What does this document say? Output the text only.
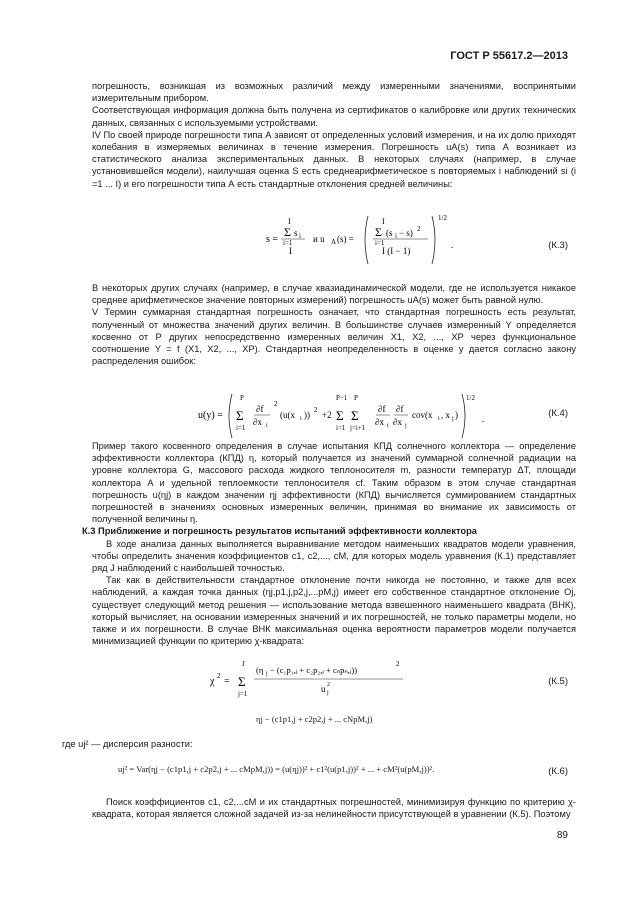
ГОСТ Р 55617.2—2013

погрешность, возникшая из возможных различий между измеренными значениями, воспринятыми измерительным прибором.

Соответствующая информация должна быть получена из сертификатов о калибровке или других технических данных, связанных с используемыми устройствами.

IV По своей природе погрешности типа А зависят от определенных условий измерения, и на их долю приходят колебания в измеряемых величинах в течение измерения. Погрешность uA(s) типа А возникает из статистического анализа экспериментальных данных. В некоторых случаях (например, в случае установившейся модели), наилучшая оценка S есть среднеарифметическое s повторяемых i наблюдений si (i =1 ... I) и его погрешности типа А есть стандартные отклонения средней величины:

s =
I
Σ s i
i=1
I
и u A (s) =
I
Σ (s i − s) 2
i=1
I (I − 1)
1/2
.	(К.3)

В некоторых других случаях (например, в случае квазиадинамической модели, где не используется никакое среднее арифметическое значение повторных измерений) погрешность uA(s) может быть равной нулю.

V Термин суммарная стандартная погрешность означает, что стандартная погрешность есть результат, полученный от множества значений других величин. В большинстве случаев измеренный Y определяется косвенно от P других непосредственно измеренных величин X1, X2, ..., XP через функциональное соотношение Y = f (X1, X2, ..., XP). Стандартная неопределенность в оценке y дается согласно закону распределения ошибок:

u(y) =
P
Σ
i=1
∂f
∂x i
2
(u(x i )) 2 +2
P−1
Σ
i=1
P
Σ
j=i+1
∂f
∂x i
∂f
∂x j
cov(x i , x j )
1/2
.	(К.4)

Пример такого косвенного определения в случае испытания КПД солнечного коллектора — определение эффективности коллектора (КПД) η, который получается из значений суммарной солнечной радиации на уровне коллектора G, массового расхода жидкого теплоносителя m, разности температур ΔT, площади коллектора A и удельной теплоемкости теплоносителя cf. Таким образом в этом случае стандартная погрешность u(ηj) в каждом значении ηj эффективности (КПД) вычисляется суммированием стандартных погрешностей в значениях основных измеренных величин, принимая во внимание их зависимость от полученной величины η.

К.3 Приближение и погрешность результатов испытаний эффективности коллектора

В ходе анализа данных выполняется выравнивание методом наименьших квадратов модели уравнения, чтобы определить значения коэффициентов c1, c2,..., cM, для которых модель уравнения (К.1) представляет ряд J наблюдений с наибольшей точностью.

Так как в действительности стандартное отклонение почти никогда не постоянно, и также для всех наблюдений, а каждая точка данных (ηj,p1,j,p2,j,...pM,j) имеет его собственное стандартное отклонение Oj, существует следующий метод решения — использование метода взвешенного наименьшего квадрата (ВНК), который вычисляет, на основании измеренных значений и их погрешностей, не только параметры модели, но также и их погрешности. В случае ВНК максимальная оценка вероятности параметров модели получается минимизацией функции по критерию χ-квадрата:

χ 2 =
J
Σ
j=1
(η j − (c₁p₁,ⱼ + c₂p₂,ⱼ + cₙpₙ,ⱼ))
2
u 2
j
(К.5)
ηj − (c1p1,j + c2p2,j + ... cNpM,j)

где uj² — дисперсия разности:

uj² = Var(ηj − (c1p1,j + c2p2,j + ... cMpM,j)) = (u(ηj))² + c1²(u(p1,j))² + ... + cM²(u(pM,j))².	(К.6)

Поиск коэффициентов c1, c2,...cM и их стандартных погрешностей, минимизируя функцию по критерию χ-квадрата, которая является сложной задачей из-за нелинейности присутствующей в уравнении (К.5). Поэтому

89
